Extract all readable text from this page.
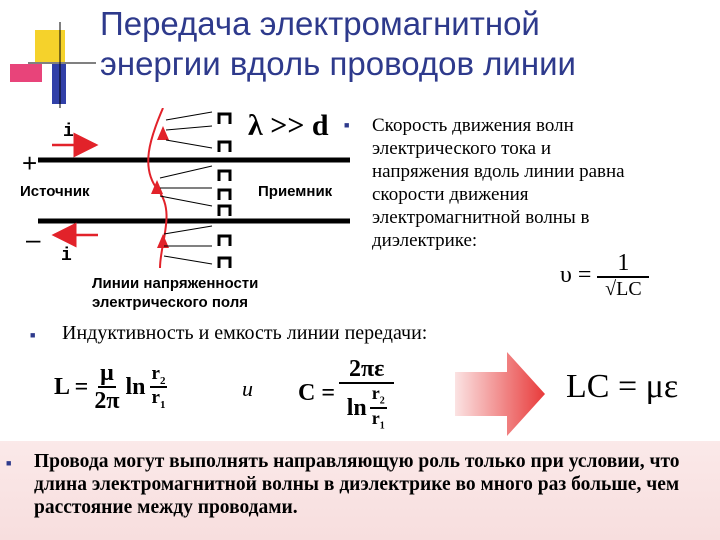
Передача электромагнитной
энергии вдоль проводов линии
+
–
i
i
Источник	Приемник
Линии напряженности
электрического поля
λ >> d ■ Скорость движения волн
электрического тока и
напряжения вдоль линии равна
скорости движения
электромагнитной волны в
диэлектрике:
$\upsilon = \frac{1}{√LC}$
■ Индуктивность и емкость линии передачи:
$L = \frac{\mu}{2\pi}$ $\ln \frac{r_2}{r_1}$	и $C = \frac{2\pi\varepsilon}{\ln \frac{r_2}{r_1}}$	LC = με
■ Провода могут выполнять направляющую роль только при условии, что длина электромагнитной волны в диэлектрике во много раз больше, чем расстояние между проводами.
